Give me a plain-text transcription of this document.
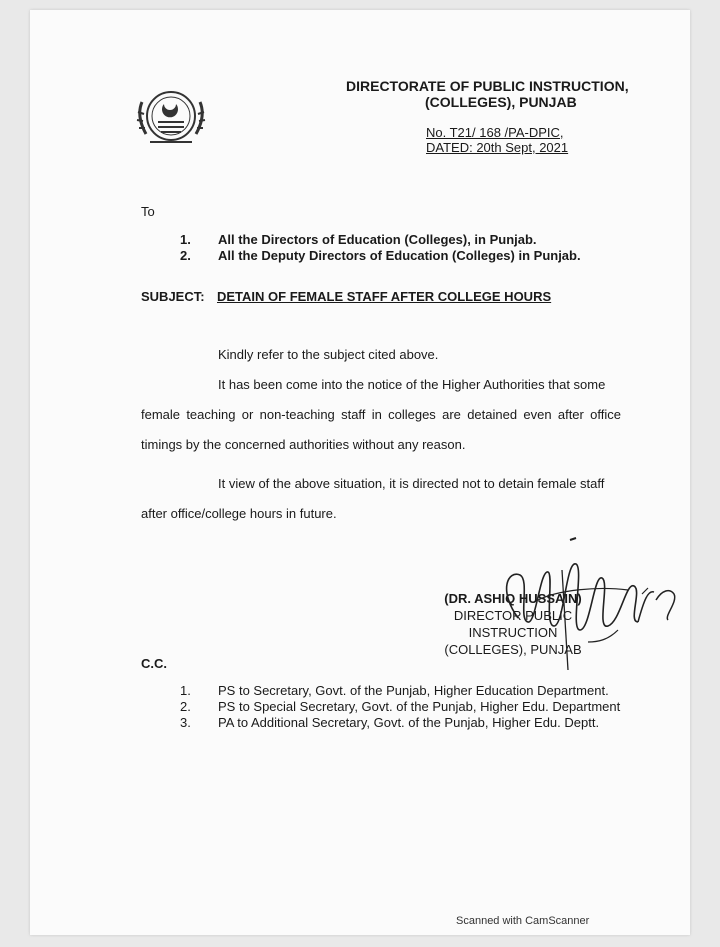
DIRECTORATE OF PUBLIC INSTRUCTION,
(COLLEGES), PUNJAB
No. T21/ 168 /PA-DPIC,
DATED: 20th Sept, 2021
To
1.	All the Directors of Education (Colleges), in Punjab.
2.	All the Deputy Directors of Education (Colleges) in Punjab.
SUBJECT: DETAIN OF FEMALE STAFF AFTER COLLEGE HOURS
Kindly refer to the subject cited above.
It has been come into the notice of the Higher Authorities that some
female teaching or non-teaching staff in colleges are detained even after office
timings by the concerned authorities without any reason.
It view of the above situation, it is directed not to detain female staff
after office/college hours in future.
(DR. ASHIQ HUSSAIN)
DIRECTOR PUBLIC INSTRUCTION
(COLLEGES), PUNJAB
C.C.
1.	PS to Secretary, Govt. of the Punjab, Higher Education Department.
2.	PS to Special Secretary, Govt. of the Punjab, Higher Edu. Department
3.	PA to Additional Secretary, Govt. of the Punjab, Higher Edu. Deptt.
Scanned with CamScanner
